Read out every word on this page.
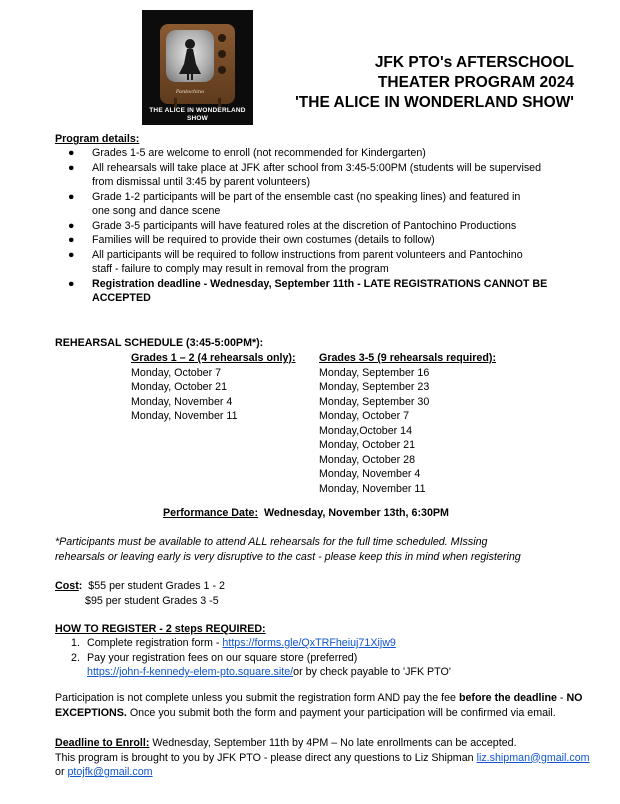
Pantochino
THE ALICE IN WONDERLAND SHOW
JFK PTO's AFTERSCHOOL
THEATER PROGRAM 2024
'THE ALICE IN WONDERLAND SHOW'
Program details:
● Grades 1-5 are welcome to enroll (not recommended for Kindergarten)
● All rehearsals will take place at JFK after school from 3:45-5:00PM (students will be supervised
from dismissal until 3:45 by parent volunteers)
● Grade 1-2 participants will be part of the ensemble cast (no speaking lines) and featured in
one song and dance scene
● Grade 3-5 participants will have featured roles at the discretion of Pantochino Productions
● Families will be required to provide their own costumes (details to follow)
● All participants will be required to follow instructions from parent volunteers and Pantochino
staff - failure to comply may result in removal from the program
● Registration deadline - Wednesday, September 11th - LATE REGISTRATIONS CANNOT BE
ACCEPTED
REHEARSAL SCHEDULE (3:45-5:00PM*):
Grades 1 – 2 (4 rehearsals only):
Monday, October 7
Monday, October 21
Monday, November 4
Monday, November 11
Grades 3-5 (9 rehearsals required):
Monday, September 16
Monday, September 23
Monday, September 30
Monday, October 7
Monday,October 14
Monday, October 21
Monday, October 28
Monday, November 4
Monday, November 11
Performance Date: Wednesday, November 13th, 6:30PM
*Participants must be available to attend ALL rehearsals for the full time scheduled. MIssing
rehearsals or leaving early is very disruptive to the cast - please keep this in mind when registering
Cost: $55 per student Grades 1 - 2
$95 per student Grades 3 -5
HOW TO REGISTER - 2 steps REQUIRED:
1. Complete registration form - https://forms.gle/QxTRFheiuj71Xijw9
2. Pay your registration fees on our square store (preferred)
https://john-f-kennedy-elem-pto.square.site/or by check payable to 'JFK PTO'
Participation is not complete unless you submit the registration form AND pay the fee before the deadline - NO
EXCEPTIONS. Once you submit both the form and payment your participation will be confirmed via email.
Deadline to Enroll: Wednesday, September 11th by 4PM – No late enrollments can be accepted.
This program is brought to you by JFK PTO - please direct any questions to Liz Shipman liz.shipman@gmail.com
or ptojfk@gmail.com
